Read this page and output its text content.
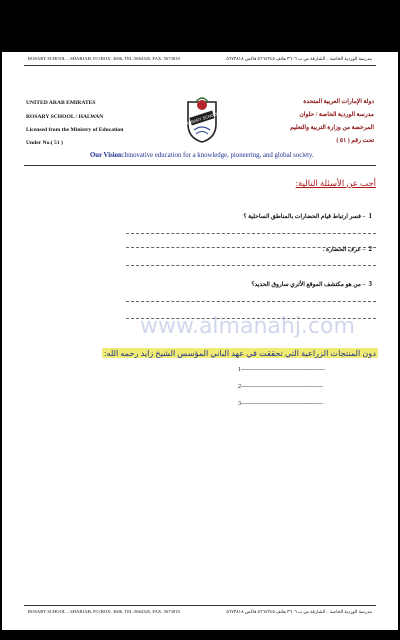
ROSARY SCHOOL – SHARJAH, P.O.BOX: 3606, TEL:5664345, FAX: 5673818	مدرسة الوردية الخاصة – الشارقة ص.ب ٣٦٠٦ هاتف ٥٦٦٤٣٤٥ فاكس ٥٦٧٣٨١٨
UNITED ARAB EMIRATES
ROSARY SCHOOL / HALWAN
Licensed from the Ministry of Education
Under No.( 51 )
ROSARY SCHOOL
دولة الإمارات العربية المتحدة
مدرسة الوردية الخاصة / حلوان
المرخصة من وزارة التربية والتعليم
تحت رقم ( ٥١ )
Our Vision:Innovative education for a knowledge, pioneering, and global society.
أجب عن الأسئلة التالية:
1– فسر ارتباط قيام الحضارات بالمناطق الساحلية ؟
2– عرف الحضارة .
3– من هو مكتشف الموقع الأثري ساروق الحديد؟
www.almanahj.com
دون المنتجات الزراعية التي تحققت في عهد الباني المؤسس الشيخ زايد رحمه الله:
1------------------------------------------
2-----------------------------------------
3-----------------------------------------
ROSARY SCHOOL – SHARJAH, P.O.BOX: 3606, TEL:5664345, FAX: 5673818	مدرسة الوردية الخاصة – الشارقة ص.ب ٣٦٠٦ هاتف ٥٦٦٤٣٤٥ فاكس ٥٦٧٣٨١٨
